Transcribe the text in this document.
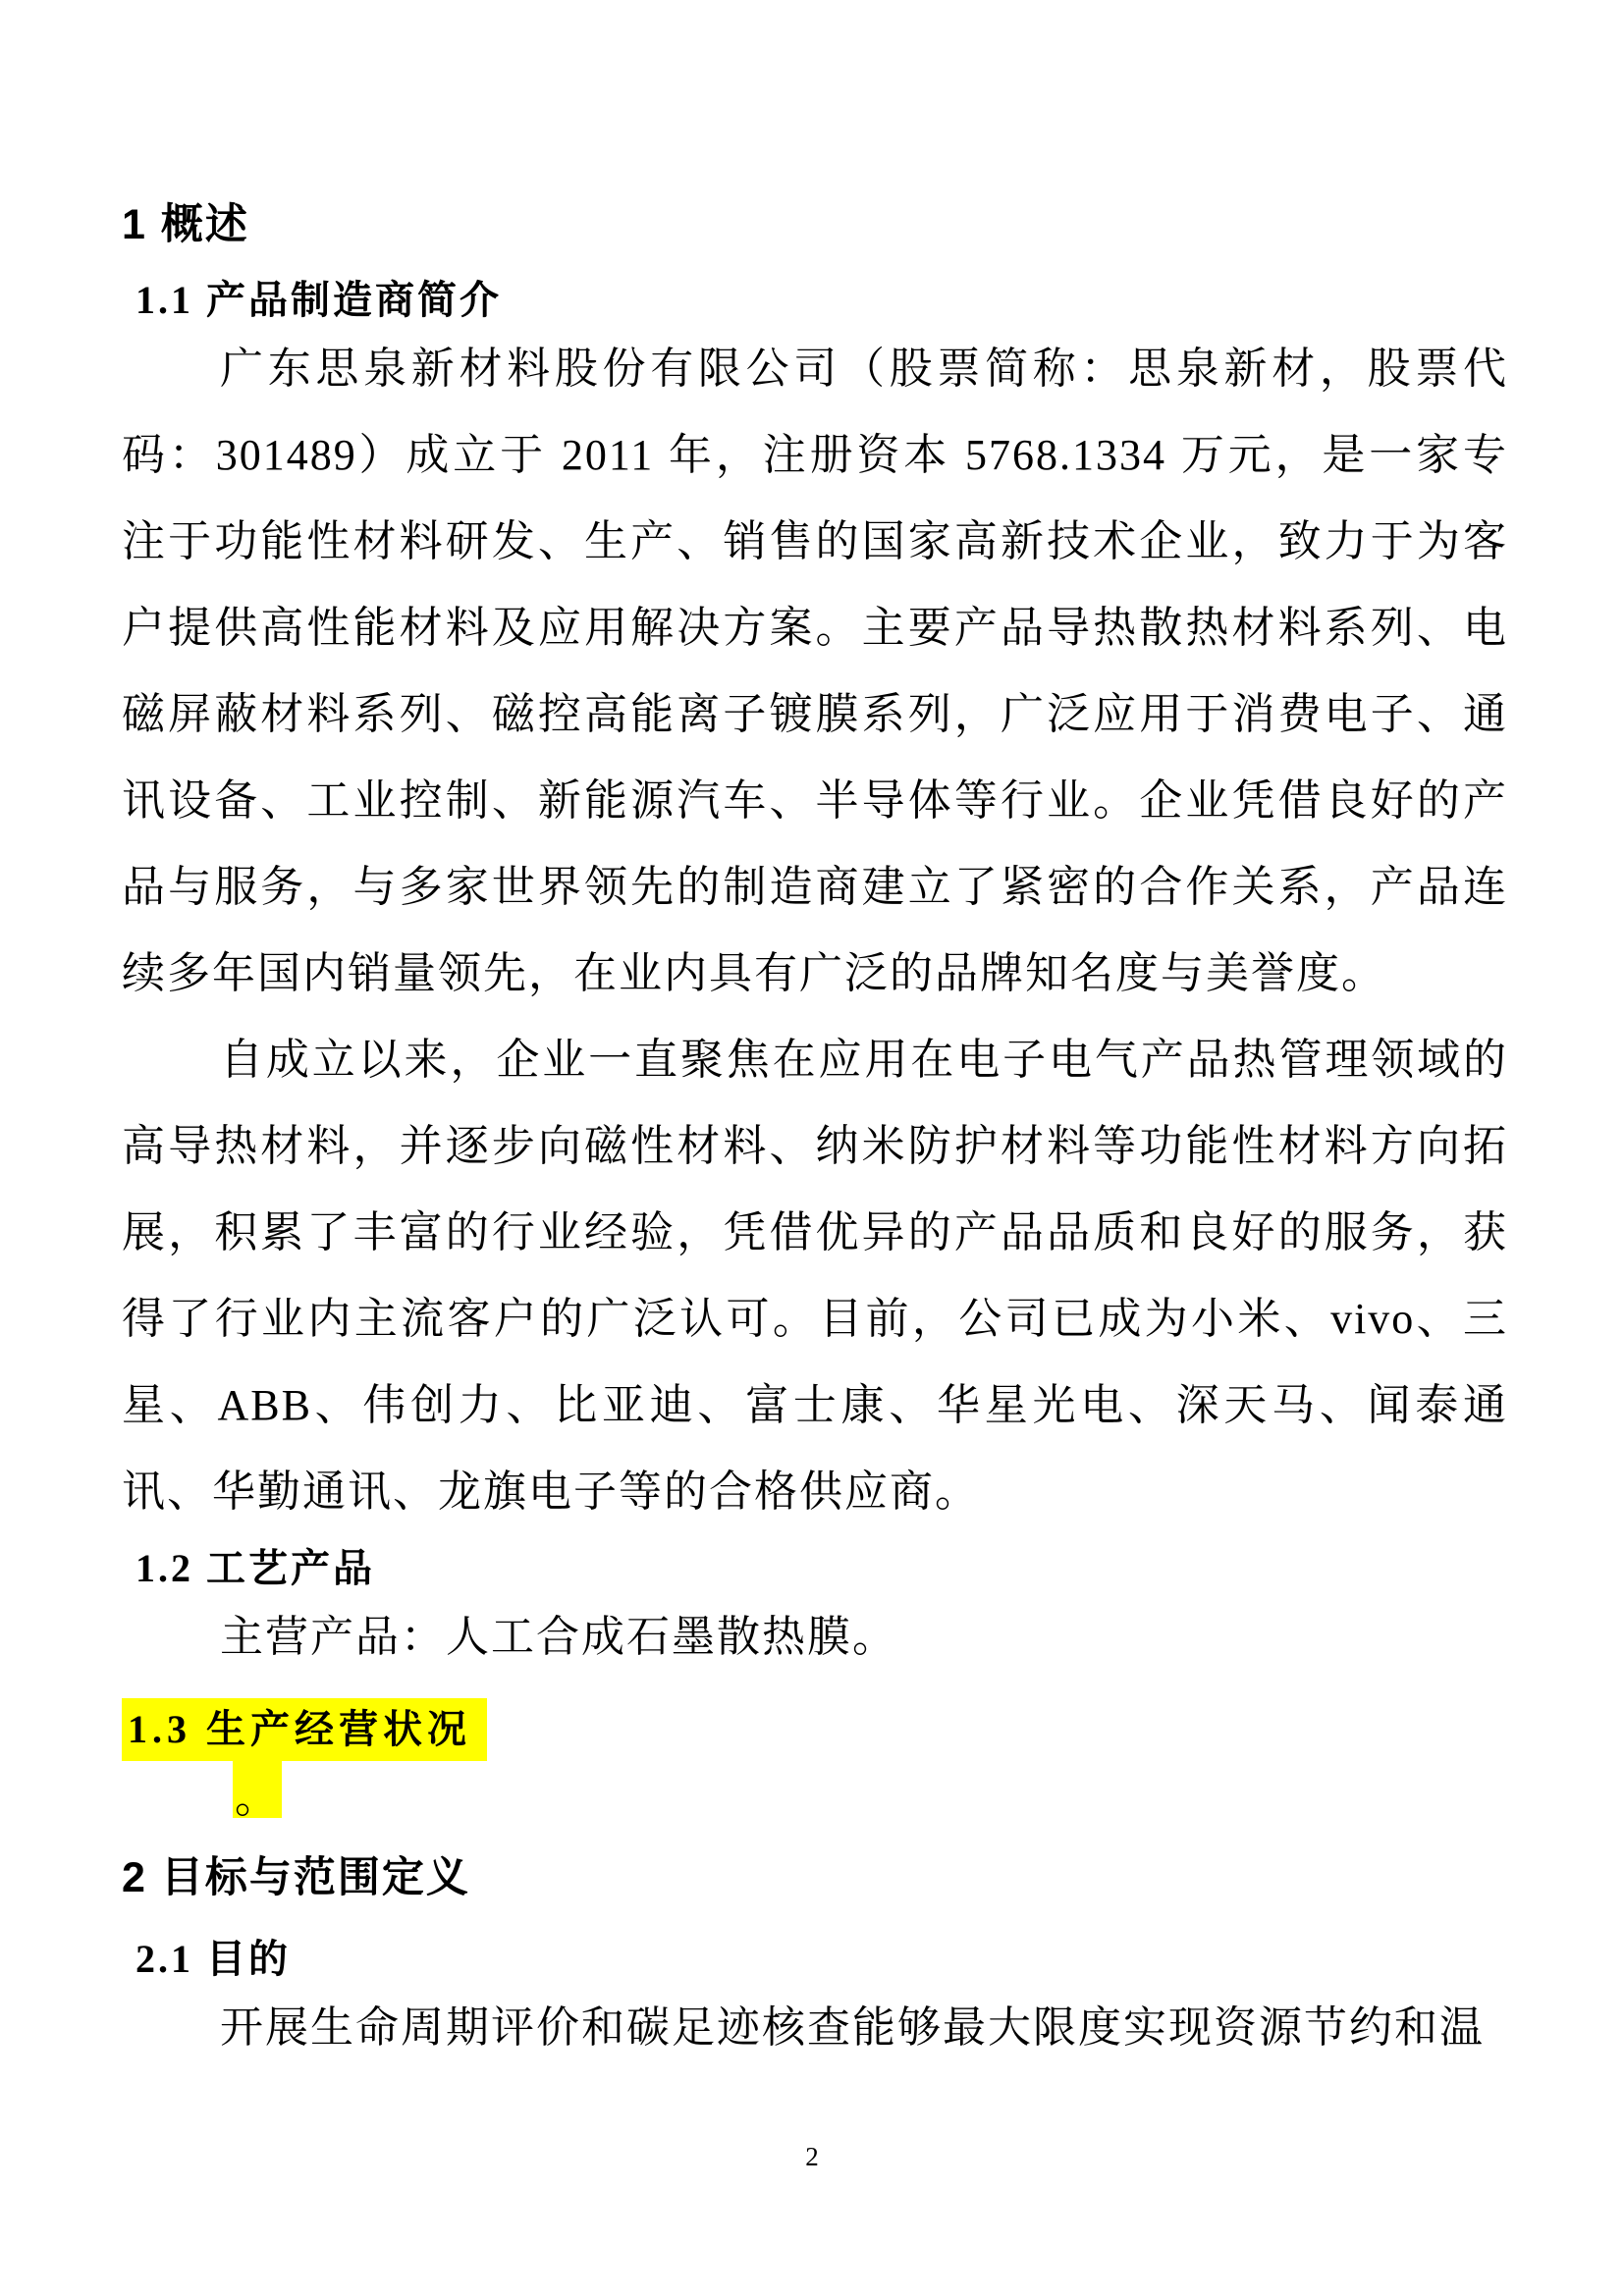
1 概述
1.1 产品制造商简介

广东思泉新材料股份有限公司（股票简称：思泉新材，股票代码：301489）成立于 2011 年，注册资本 5768.1334 万元，是一家专注于功能性材料研发、生产、销售的国家高新技术企业，致力于为客户提供高性能材料及应用解决方案。主要产品导热散热材料系列、电磁屏蔽材料系列、磁控高能离子镀膜系列，广泛应用于消费电子、通讯设备、工业控制、新能源汽车、半导体等行业。企业凭借良好的产品与服务，与多家世界领先的制造商建立了紧密的合作关系，产品连续多年国内销量领先，在业内具有广泛的品牌知名度与美誉度。

自成立以来，企业一直聚焦在应用在电子电气产品热管理领域的高导热材料，并逐步向磁性材料、纳米防护材料等功能性材料方向拓展，积累了丰富的行业经验，凭借优异的产品品质和良好的服务，获得了行业内主流客户的广泛认可。目前，公司已成为小米、vivo、三星、ABB、伟创力、比亚迪、富士康、华星光电、深天马、闻泰通讯、华勤通讯、龙旗电子等的合格供应商。

1.2 工艺产品

主营产品：人工合成石墨散热膜。

1.3 生产经营状况
。
2 目标与范围定义
2.1 目的

开展生命周期评价和碳足迹核查能够最大限度实现资源节约和温

2
